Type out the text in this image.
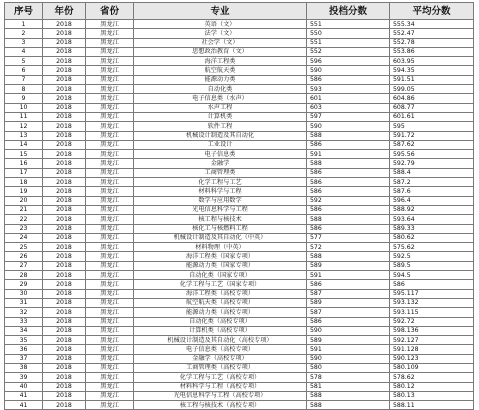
序号	年份	省份	专业	投档分数	平均分数
1	2018	黑龙江	英语（文）	551	555.34
2	2018	黑龙江	法学（文）	550	552.47
3	2018	黑龙江	社会学（文）	551	552.78
4	2018	黑龙江	思想政治教育（文）	552	553.86
5	2018	黑龙江	海洋工程类	596	603.95
6	2018	黑龙江	航空航天类	590	594.35
7	2018	黑龙江	能源动力类	586	591.51
8	2018	黑龙江	自动化类	593	599.05
9	2018	黑龙江	电子信息类（水声）	601	604.86
10	2018	黑龙江	水声工程	603	608.77
11	2018	黑龙江	计算机类	597	601.61
12	2018	黑龙江	软件工程	590	595
13	2018	黑龙江	机械设计制造及其自动化	588	591.72
14	2018	黑龙江	工业设计	586	587.62
15	2018	黑龙江	电子信息类	591	595.56
16	2018	黑龙江	金融学	588	592.79
17	2018	黑龙江	工商管理类	586	588.4
18	2018	黑龙江	化学工程与工艺	586	587.2
19	2018	黑龙江	材料科学与工程	586	587.6
20	2018	黑龙江	数学与应用数学	592	596.4
21	2018	黑龙江	光电信息科学与工程	586	588.92
22	2018	黑龙江	核工程与核技术	588	593.64
23	2018	黑龙江	核化工与核燃料工程	586	589.33
24	2018	黑龙江	机械设计制造及其自动化（中英）	577	580.62
25	2018	黑龙江	材料物理（中英）	572	575.62
26	2018	黑龙江	海洋工程类（国家专项）	588	592.5
27	2018	黑龙江	能源动力类（国家专项）	589	589.5
28	2018	黑龙江	自动化类（国家专项）	591	594.5
29	2018	黑龙江	化学工程与工艺（国家专项）	586	586
30	2018	黑龙江	海洋工程类（高校专项）	587	595.117
31	2018	黑龙江	航空航天类（高校专项）	589	593.132
32	2018	黑龙江	能源动力类（高校专项）	587	593.115
33	2018	黑龙江	自动化类（高校专项）	586	592.72
34	2018	黑龙江	计算机类（高校专项）	590	598.136
35	2018	黑龙江	机械设计制造及其自动化（高校专项）	589	592.127
36	2018	黑龙江	电子信息类（高校专项）	591	591.128
37	2018	黑龙江	金融学（高校专项）	590	590.123
38	2018	黑龙江	工商管理类（高校专项）	580	580.109
39	2018	黑龙江	化学工程与工艺（高校专项）	578	578.62
40	2018	黑龙江	材料科学与工程（高校专项）	581	580.12
41	2018	黑龙江	光电信息科学与工程（高校专项）	588	580.13
41	2018	黑龙江	核工程与核技术（高校专项）	588	588.11
